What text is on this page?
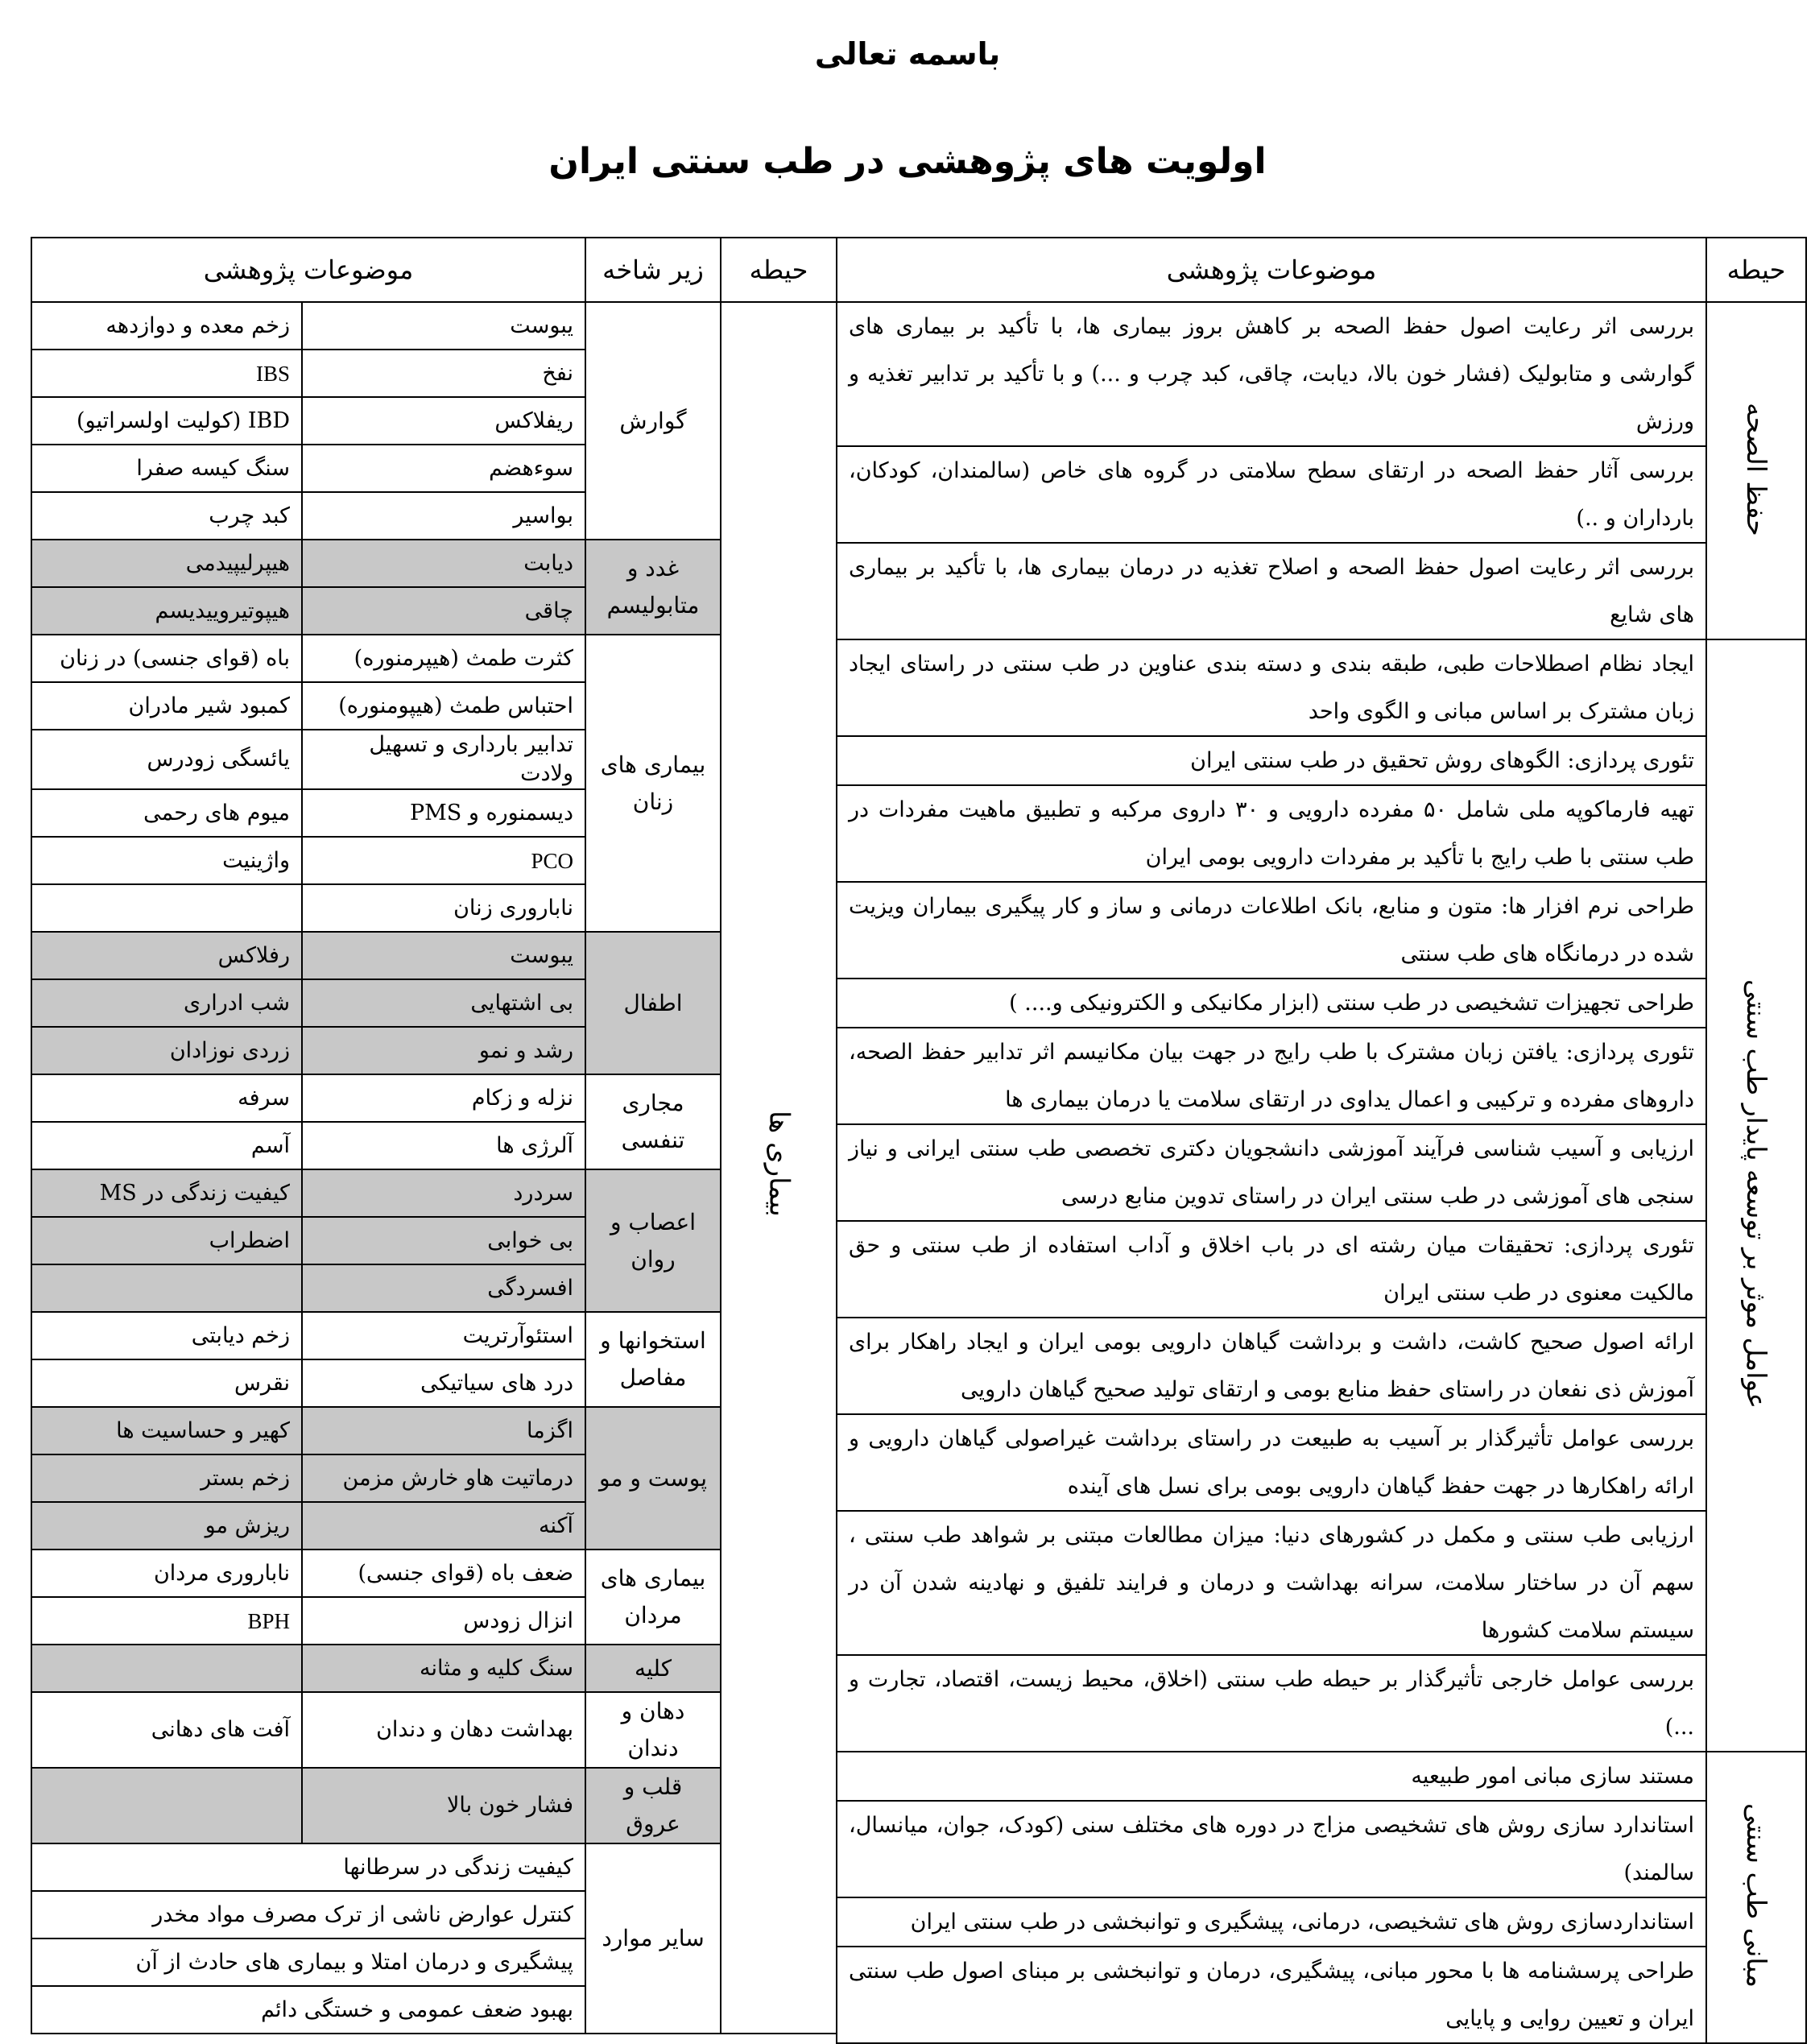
باسمه تعالی
اولویت های پژوهشی در طب سنتی ایران
حیطه	موضوعات پژوهشی
حفظ الصحه	بررسی اثر رعایت اصول حفظ الصحه بر کاهش بروز بیماری ها، با تأکید بر بیماری های گوارشی و متابولیک (فشار خون بالا، دیابت، چاقی، کبد چرب و ...) و با تأکید بر تدابیر تغذیه و ورزش
	بررسی آثار حفظ الصحه در ارتقای سطح سلامتی در گروه های خاص (سالمندان، کودکان، بارداران و ..)
	بررسی اثر رعایت اصول حفظ الصحه و اصلاح تغذیه در درمان بیماری ها، با تأکید بر بیماری های شایع
عوامل موثر بر توسعه پایدار طب سنتی	ایجاد نظام اصطلاحات طبی، طبقه بندی و دسته بندی عناوین در طب سنتی در راستای ایجاد زبان مشترک بر اساس مبانی و الگوی واحد
	تئوری پردازی: الگوهای روش تحقیق در طب سنتی ایران
	تهیه فارماکوپه ملی شامل ۵۰ مفرده دارویی و ۳۰ داروی مرکبه و تطبیق ماهیت مفردات در طب سنتی با طب رایج با تأکید بر مفردات دارویی بومی ایران
	طراحی نرم افزار ها: متون و منابع، بانک اطلاعات درمانی و ساز و کار پیگیری بیماران ویزیت شده در درمانگاه های طب سنتی
	طراحی تجهیزات تشخیصی در طب سنتی (ابزار مکانیکی و الکترونیکی و.... )
	تئوری پردازی: یافتن زبان مشترک با طب رایج در جهت بیان مکانیسم اثر تدابیر حفظ الصحه، داروهای مفرده و ترکیبی و اعمال یداوی در ارتقای سلامت یا درمان بیماری ها
	ارزیابی و آسیب شناسی فرآیند آموزشی دانشجویان دکتری تخصصی طب سنتی ایرانی و نیاز سنجی های آموزشی در طب سنتی ایران در راستای تدوین منابع درسی
	تئوری پردازی: تحقیقات میان رشته ای در باب اخلاق و آداب استفاده از طب سنتی و حق مالکیت معنوی در طب سنتی ایران
	ارائه اصول صحیح کاشت، داشت و برداشت گیاهان دارویی بومی ایران و ایجاد راهکار برای آموزش ذی نفعان در راستای حفظ منابع بومی و ارتقای تولید صحیح گیاهان دارویی
	بررسی عوامل تأثیرگذار بر آسیب به طبیعت در راستای برداشت غیراصولی گیاهان دارویی و ارائه راهکارها در جهت حفظ گیاهان دارویی بومی برای نسل های آینده
	ارزیابی طب سنتی و مکمل در کشورهای دنیا: میزان مطالعات مبتنی بر شواهد طب سنتی ، سهم آن در ساختار سلامت، سرانه بهداشت و درمان و فرایند تلفیق و نهادینه شدن آن در سیستم سلامت کشورها
	بررسی عوامل خارجی تأثیرگذار بر حیطه طب سنتی (اخلاق، محیط زیست، اقتصاد، تجارت و ...)
مبانی طب سنتی	مستند سازی مبانی امور طبیعیه
	استاندارد سازی روش های تشخیصی مزاج در دوره های مختلف سنی (کودک، جوان، میانسال، سالمند)
	استانداردسازی روش های تشخیصی، درمانی، پیشگیری و توانبخشی در طب سنتی ایران
	طراحی پرسشنامه ها با محور مبانی، پیشگیری، درمان و توانبخشی بر مبنای اصول طب سنتی ایران و تعیین روایی و پایایی
حیطه	زیر شاخه	موضوعات پژوهشی	
بیماری ها	گوارش	یبوست	زخم معده و دوازدهه
		نفخ	IBS
		ریفلاکس	IBD (کولیت اولسراتیو)
		سوءهضم	سنگ کیسه صفرا
		بواسیر	کبد چرب
	غدد و متابولیسم	دیابت	هیپرلیپیدمی
		چاقی	هیپوتیروییدیسم
	بیماری های زنان	کثرت طمث (هیپرمنوره)	باه (قوای جنسی) در زنان
		احتباس طمث (هیپومنوره)	کمبود شیر مادران
		تدابیر بارداری و تسهیل ولادت	یائسگی زودرس
		دیسمنوره و PMS	میوم های رحمی
		PCO	واژینیت
		ناباروری زنان	
	اطفال	یبوست	رفلاکس
		بی اشتهایی	شب ادراری
		رشد و نمو	زردی نوزادان
	مجاری تنفسی	نزله و زکام	سرفه
		آلرژی ها	آسم
	اعصاب و روان	سردرد	کیفیت زندگی در MS
		بی خوابی	اضطراب
		افسردگی	
	استخوانها و مفاصل	استئوآرتریت	زخم دیابتی
		درد های سیاتیکی	نقرس
	پوست و مو	اگزما	کهیر و حساسیت ها
		درماتیت هاو خارش مزمن	زخم بستر
		آکنه	ریزش مو
	بیماری های مردان	ضعف باه (قوای جنسی)	ناباروری مردان
		انزال زودس	BPH
	کلیه	سنگ کلیه و مثانه	
	دهان و دندان	بهداشت دهان و دندان	آفت های دهانی
	قلب و عروق	فشار خون بالا	
	سایر موارد	کیفیت زندگی در سرطانها	
		کنترل عوارض ناشی از ترک مصرف مواد مخدر	
		پیشگیری و درمان امتلا و بیماری های حادث از آن	
		بهبود ضعف عمومی و خستگی دائم	
